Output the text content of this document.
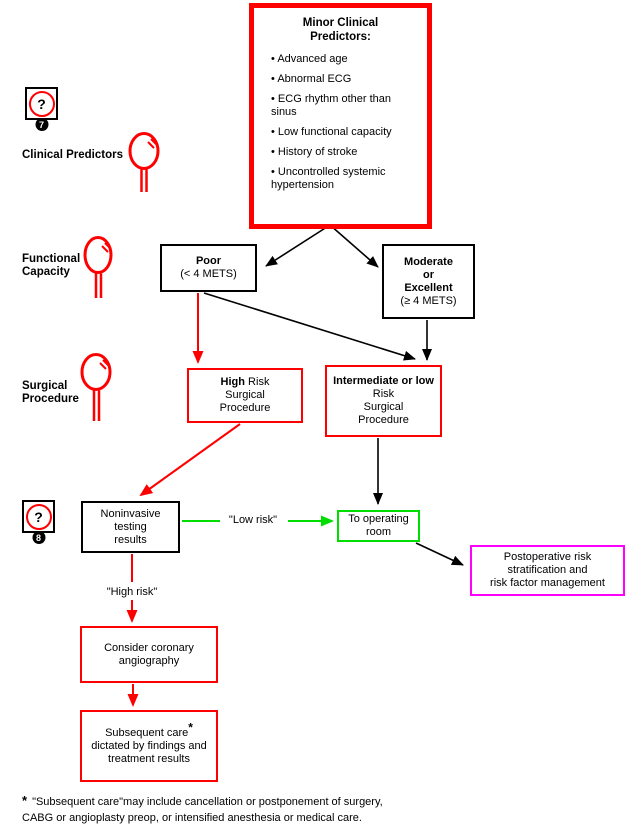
?
7
?
8
Clinical Predictors
Functional
Capacity
Surgical
Procedure
Minor Clinical Predictors:
• Advanced age
• Abnormal ECG
• ECG rhythm other than sinus
• Low functional capacity
• History of stroke
• Uncontrolled systemic hypertension
Poor
(< 4 METS)
Moderate
or
Excellent
(≥ 4 METS)
High Risk
Surgical
Procedure
Intermediate or low
Risk
Surgical
Procedure
Noninvasive
testing
results
"Low risk"	To operating
room
Postoperative risk
stratification and
risk factor management
"High risk"
Consider coronary
angiography
Subsequent care*
dictated by findings and
treatment results
* "Subsequent care"may include cancellation or postponement of surgery,
CABG or angioplasty preop, or intensified anesthesia or medical care.
